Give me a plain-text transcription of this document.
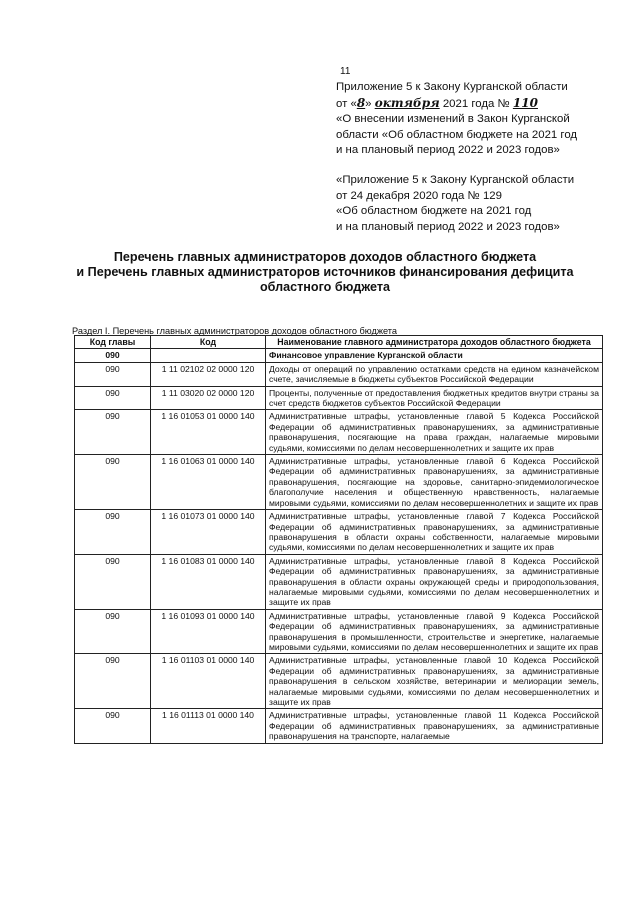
11
Приложение 5 к Закону Курганской области
от «8» октября 2021 года № 110
«О внесении изменений в Закон Курганской
области «Об областном бюджете на 2021 год
и на плановый период 2022 и 2023 годов»
«Приложение 5 к Закону Курганской области
от 24 декабря 2020 года № 129
«Об областном бюджете на 2021 год
и на плановый период 2022 и 2023 годов»
Перечень главных администраторов доходов областного бюджета
и Перечень главных администраторов источников финансирования дефицита
областного бюджета
Раздел I. Перечень главных администраторов доходов областного бюджета
Код главы	Код	Наименование главного администратора доходов областного бюджета
090		Финансовое управление Курганской области
090	1 11 02102 02 0000 120	Доходы от операций по управлению остатками средств на едином казначейском счете, зачисляемые в бюджеты субъектов Российской Федерации
090	1 11 03020 02 0000 120	Проценты, полученные от предоставления бюджетных кредитов внутри страны за счет средств бюджетов субъектов Российской Федерации
090	1 16 01053 01 0000 140	Административные штрафы, установленные главой 5 Кодекса Российской Федерации об административных правонарушениях, за административные правонарушения, посягающие на права граждан, налагаемые мировыми судьями, комиссиями по делам несовершеннолетних и защите их прав
090	1 16 01063 01 0000 140	Административные штрафы, установленные главой 6 Кодекса Российской Федерации об административных правонарушениях, за административные правонарушения, посягающие на здоровье, санитарно-эпидемиологическое благополучие населения и общественную нравственность, налагаемые мировыми судьями, комиссиями по делам несовершеннолетних и защите их прав
090	1 16 01073 01 0000 140	Административные штрафы, установленные главой 7 Кодекса Российской Федерации об административных правонарушениях, за административные правонарушения в области охраны собственности, налагаемые мировыми судьями, комиссиями по делам несовершеннолетних и защите их прав
090	1 16 01083 01 0000 140	Административные штрафы, установленные главой 8 Кодекса Российской Федерации об административных правонарушениях, за административные правонарушения в области охраны окружающей среды и природопользования, налагаемые мировыми судьями, комиссиями по делам несовершеннолетних и защите их прав
090	1 16 01093 01 0000 140	Административные штрафы, установленные главой 9 Кодекса Российской Федерации об административных правонарушениях, за административные правонарушения в промышленности, строительстве и энергетике, налагаемые мировыми судьями, комиссиями по делам несовершеннолетних и защите их прав
090	1 16 01103 01 0000 140	Административные штрафы, установленные главой 10 Кодекса Российской Федерации об административных правонарушениях, за административные правонарушения в сельском хозяйстве, ветеринарии и мелиорации земель, налагаемые мировыми судьями, комиссиями по делам несовершеннолетних и защите их прав
090	1 16 01113 01 0000 140	Административные штрафы, установленные главой 11 Кодекса Российской Федерации об административных правонарушениях, за административные правонарушения на транспорте, налагаемые
